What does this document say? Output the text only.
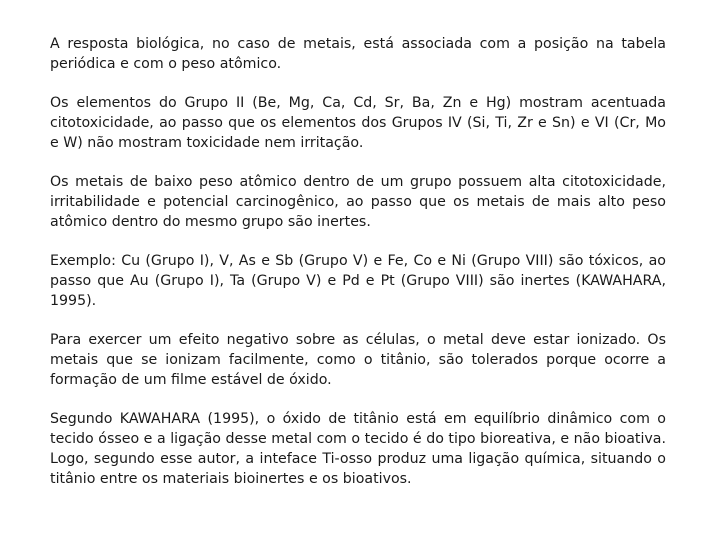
A resposta biológica, no caso de metais, está associada com a posição na tabela periódica e com o peso atômico.

Os elementos do Grupo II (Be, Mg, Ca, Cd, Sr, Ba, Zn e Hg) mostram acentuada citotoxicidade, ao passo que os elementos dos Grupos IV (Si, Ti, Zr e Sn) e VI (Cr, Mo e W) não mostram toxicidade nem irritação.

Os metais de baixo peso atômico dentro de um grupo possuem alta citotoxicidade, irritabilidade e potencial carcinogênico, ao passo que os metais de mais alto peso atômico dentro do mesmo grupo são inertes.

Exemplo: Cu (Grupo I), V, As e Sb (Grupo V) e Fe, Co e Ni (Grupo VIII) são tóxicos, ao passo que Au (Grupo I), Ta (Grupo V) e Pd e Pt (Grupo VIII) são inertes (KAWAHARA, 1995).

Para exercer um efeito negativo sobre as células, o metal deve estar ionizado. Os metais que se ionizam facilmente, como o titânio, são tolerados porque ocorre a formação de um filme estável de óxido.

Segundo KAWAHARA (1995), o óxido de titânio está em equilíbrio dinâmico com o tecido ósseo e a ligação desse metal com o tecido é do tipo bioreativa, e não bioativa. Logo, segundo esse autor, a inteface Ti-osso produz uma ligação química, situando o titânio entre os materiais bioinertes e os bioativos.
